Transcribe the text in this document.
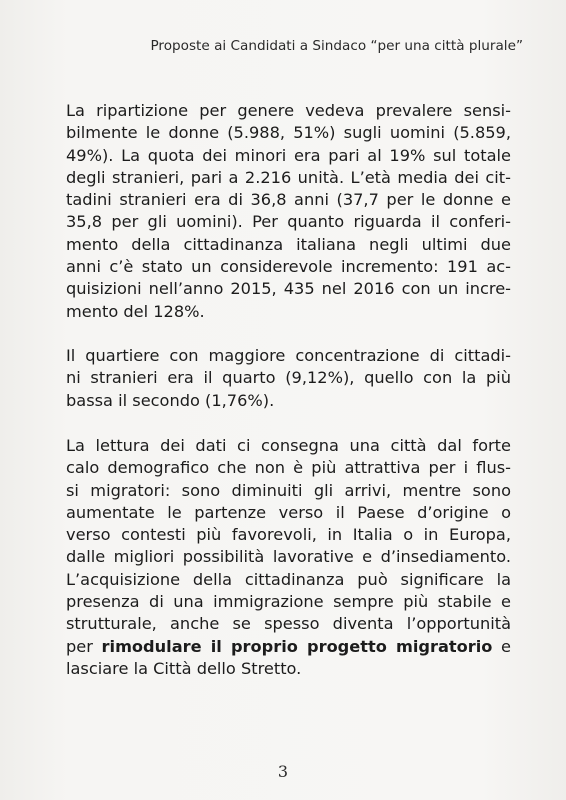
Proposte ai Candidati a Sindaco “per una città plurale”
La ripartizione per genere vedeva prevalere sensi-
bilmente le donne (5.988, 51%) sugli uomini (5.859,
49%). La quota dei minori era pari al 19% sul totale
degli stranieri, pari a 2.216 unità. L’età media dei cit-
tadini stranieri era di 36,8 anni (37,7 per le donne e
35,8 per gli uomini). Per quanto riguarda il conferi-
mento della cittadinanza italiana negli ultimi due
anni c’è stato un considerevole incremento: 191 ac-
quisizioni nell’anno 2015, 435 nel 2016 con un incre-
mento del 128%.
Il quartiere con maggiore concentrazione di cittadi-
ni stranieri era il quarto (9,12%), quello con la più
bassa il secondo (1,76%).
La lettura dei dati ci consegna una città dal forte
calo demografico che non è più attrattiva per i flus-
si migratori: sono diminuiti gli arrivi, mentre sono
aumentate le partenze verso il Paese d’origine o
verso contesti più favorevoli, in Italia o in Europa,
dalle migliori possibilità lavorative e d’insediamento.
L’acquisizione della cittadinanza può significare la
presenza di una immigrazione sempre più stabile e
strutturale, anche se spesso diventa l’opportunità
per rimodulare il proprio progetto migratorio e
lasciare la Città dello Stretto.
3
